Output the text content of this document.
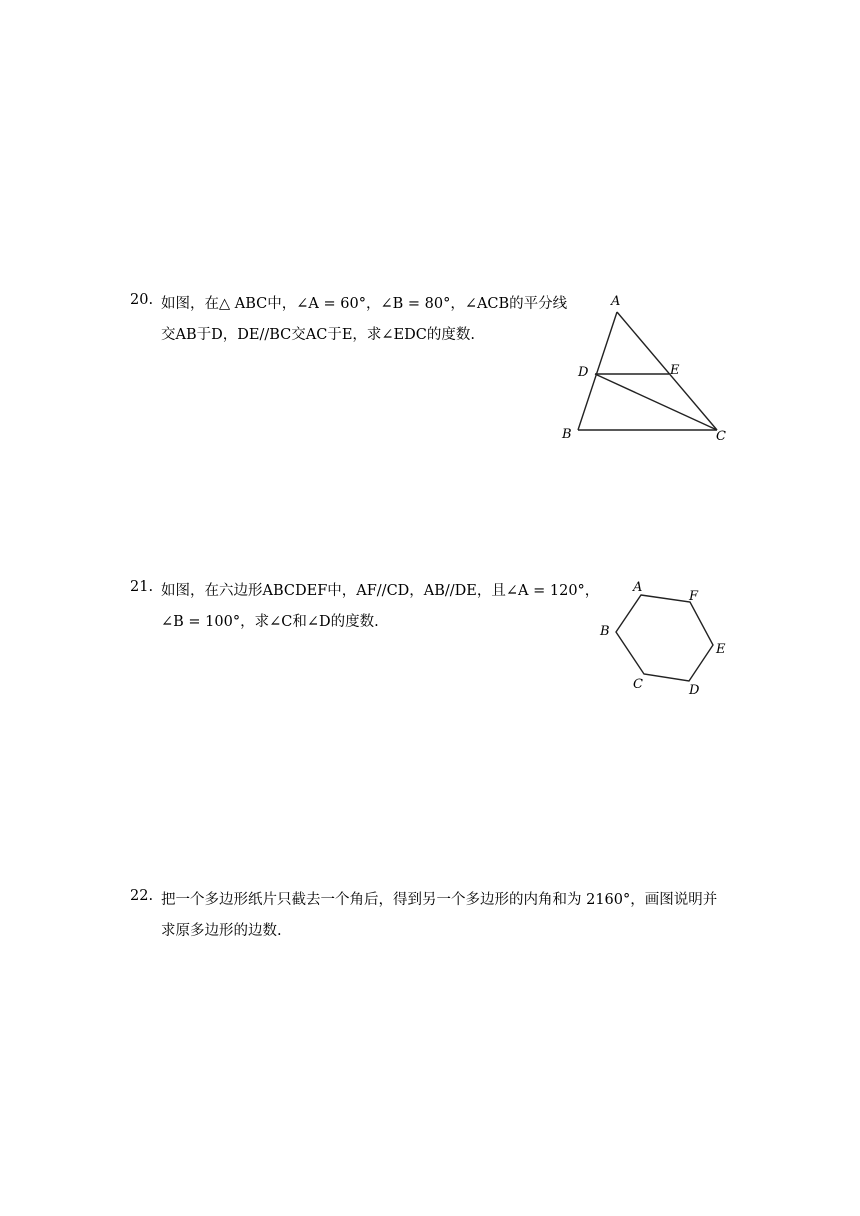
20. 如图，在△ ABC中，∠A = 60°，∠B = 80°，∠ACB的平分线
交AB于D，DE//BC交AC于E，求∠EDC的度数.
A
D	E
B	C
21. 如图，在六边形ABCDEF中，AF//CD，AB//DE，且∠A = 120°，
∠B = 100°，求∠C和∠D的度数.
A
F
B
E
C	D
22. 把一个多边形纸片只截去一个角后，得到另一个多边形的内角和为 2160°，画图说明并
求原多边形的边数.
